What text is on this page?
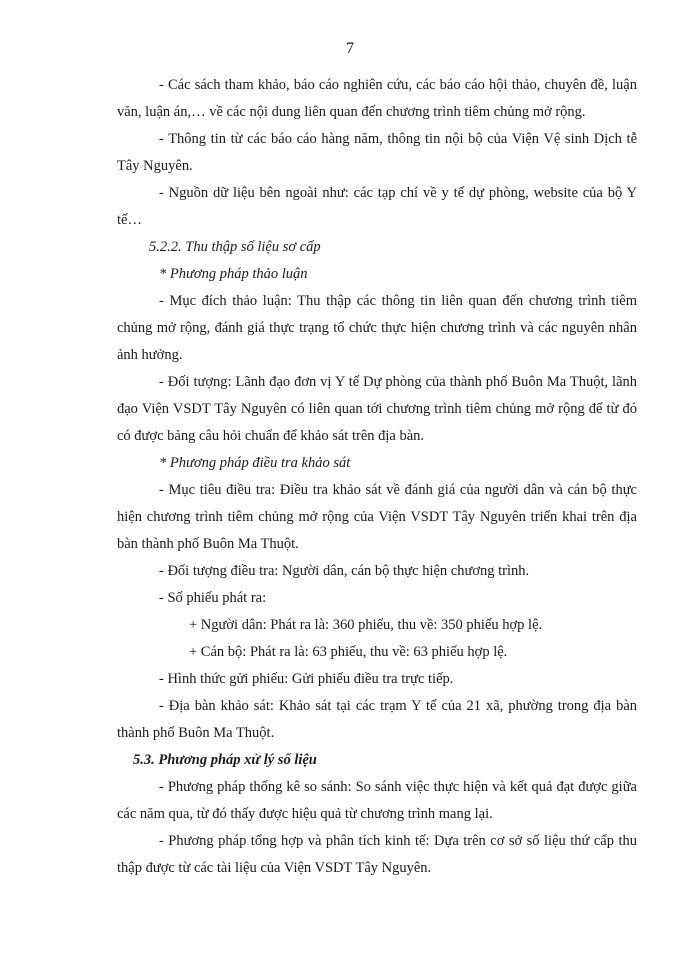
7

- Các sách tham khảo, báo cáo nghiên cứu, các báo cáo hội thảo, chuyên đề, luận văn, luận án,… về các nội dung liên quan đến chương trình tiêm chủng mở rộng.

- Thông tin từ các báo cáo hàng năm, thông tin nội bộ của Viện Vệ sinh Dịch tễ Tây Nguyên.

- Nguồn dữ liệu bên ngoài như: các tạp chí về y tế dự phòng, website của bộ Y tế…

5.2.2. Thu thập số liệu sơ cấp

* Phương pháp thảo luận

- Mục đích thảo luận: Thu thập các thông tin liên quan đến chương trình tiêm chủng mở rộng, đánh giá thực trạng tổ chức thực hiện chương trình và các nguyên nhân ảnh hưởng.

- Đối tượng: Lãnh đạo đơn vị Y tế Dự phòng của thành phố Buôn Ma Thuột, lãnh đạo Viện VSDT Tây Nguyên có liên quan tới chương trình tiêm chủng mở rộng để từ đó có được bảng câu hỏi chuẩn để khảo sát trên địa bàn.

* Phương pháp điều tra khảo sát

- Mục tiêu điều tra: Điều tra khảo sát về đánh giá của người dân và cán bộ thực hiện chương trình tiêm chủng mở rộng của Viện VSDT Tây Nguyên triển khai trên địa bàn thành phố Buôn Ma Thuột.

- Đối tượng điều tra: Người dân, cán bộ thực hiện chương trình.

- Số phiếu phát ra:

+ Người dân: Phát ra là: 360 phiếu, thu về: 350 phiếu hợp lệ.

+ Cán bộ: Phát ra là: 63 phiếu, thu về: 63 phiếu hợp lệ.

- Hình thức gửi phiếu: Gửi phiếu điều tra trực tiếp.

- Địa bàn khảo sát: Khảo sát tại các trạm Y tế của 21 xã, phường trong địa bàn thành phố Buôn Ma Thuột.

5.3. Phương pháp xử lý số liệu

- Phương pháp thống kê so sánh: So sánh việc thực hiện và kết quả đạt được giữa các năm qua, từ đó thấy được hiệu quả từ chương trình mang lại.

- Phương pháp tổng hợp và phân tích kinh tế: Dựa trên cơ sở số liệu thứ cấp thu thập được từ các tài liệu của Viện VSDT Tây Nguyên.
